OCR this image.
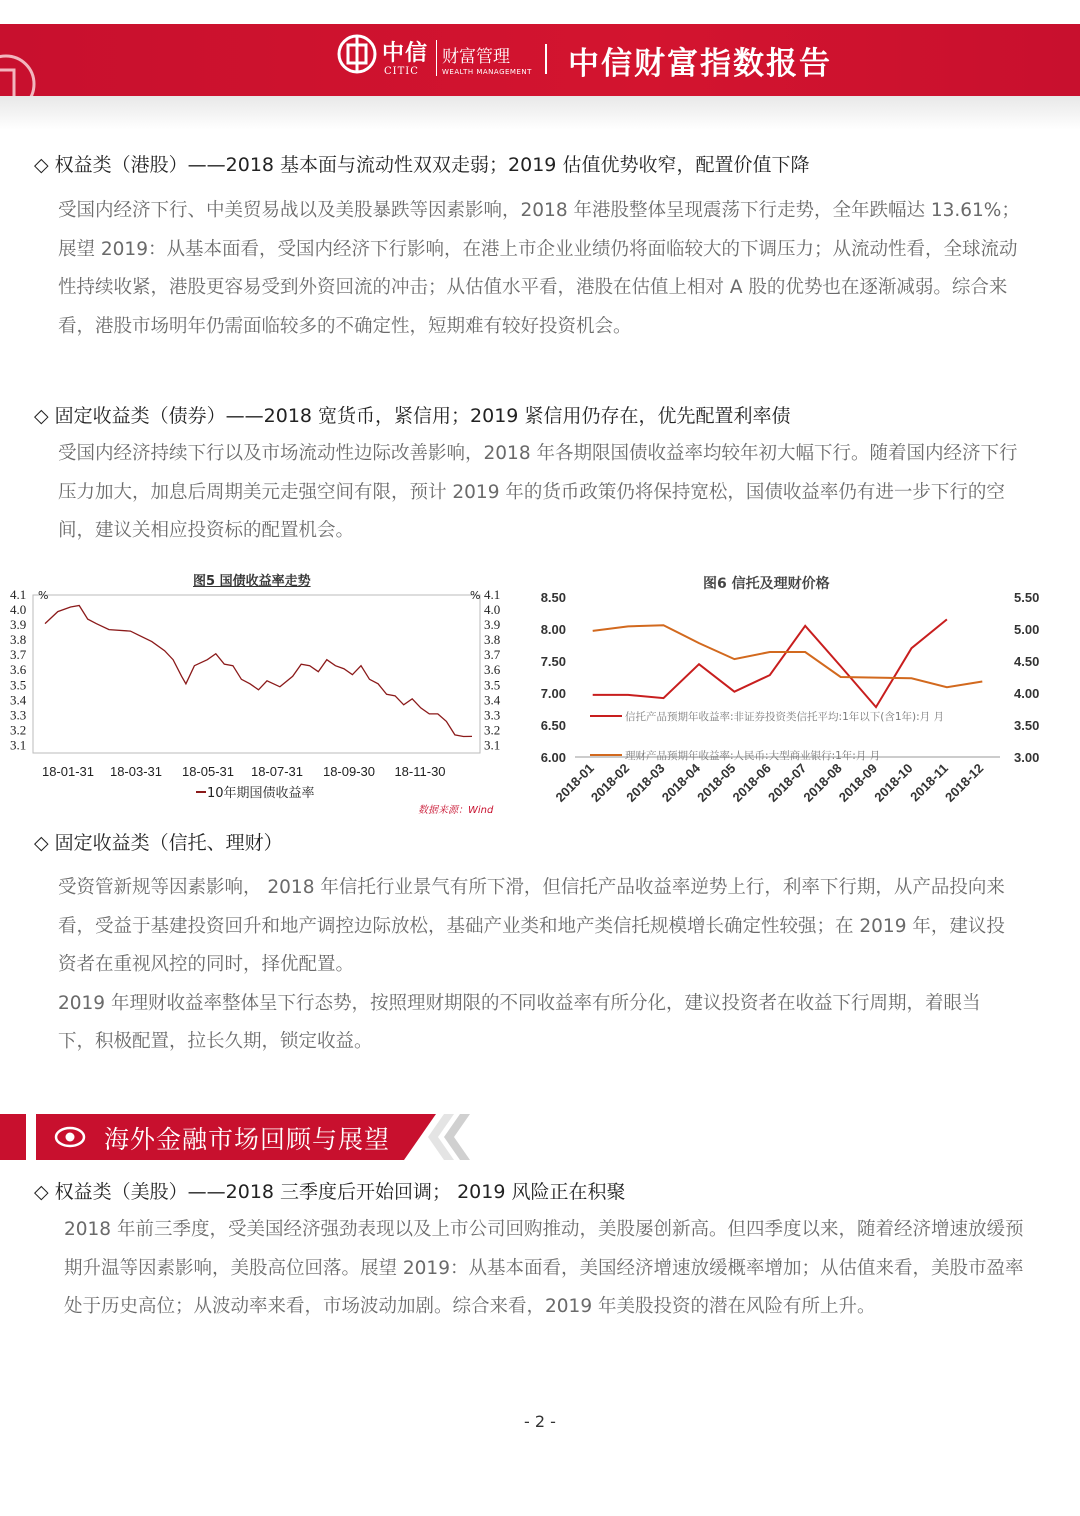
中信
CITIC
财富管理
WEALTH MANAGEMENT 中信财富指数报告
◇ 权益类（港股）——2018 基本面与流动性双双走弱；2019 估值优势收窄，配置价值下降

受国内经济下行、中美贸易战以及美股暴跌等因素影响，2018 年港股整体呈现震荡下行走势，全年跌幅达 13.61%；展望 2019：从基本面看，受国内经济下行影响，在港上市企业业绩仍将面临较大的下调压力；从流动性看，全球流动性持续收紧，港股更容易受到外资回流的冲击；从估值水平看，港股在估值上相对 A 股的优势也在逐渐减弱。综合来看，港股市场明年仍需面临较多的不确定性，短期难有较好投资机会。

◇ 固定收益类（债券）——2018 宽货币，紧信用；2019 紧信用仍存在，优先配置利率债

受国内经济持续下行以及市场流动性边际改善影响，2018 年各期限国债收益率均较年初大幅下行。随着国内经济下行压力加大，加息后周期美元走强空间有限，预计 2019 年的货币政策仍将保持宽松，国债收益率仍有进一步下行的空间，建议关相应投资标的配置机会。

图5 国债收益率走势
4.1	4.1
4.0	4.0
3.9	3.9
3.8	3.8
3.7	3.7
3.6	3.6
3.5	3.5
3.4	3.4
3.3	3.3
3.2	3.2
3.1	3.1
%	%
18-01-31 18-03-31 18-05-31 18-07-31 18-09-30 18-11-30
10年期国债收益率
数据来源：Wind
图6 信托及理财价格
8.50
8.00
7.50
7.00
6.50
6.00
5.50
5.00
4.50
4.00
3.50
3.00
2018-01
2018-02
2018-03
2018-04
2018-05
2018-06
2018-07
2018-08
2018-09
2018-10
2018-11
2018-12
信托产品预期年收益率:非证券投资类信托平均:1年以下(含1年):月 月
理财产品预期年收益率:人民币:大型商业银行:1年:月 月
◇ 固定收益类（信托、理财）

受资管新规等因素影响， 2018 年信托行业景气有所下滑，但信托产品收益率逆势上行，利率下行期，从产品投向来看，受益于基建投资回升和地产调控边际放松，基础产业类和地产类信托规模增长确定性较强；在 2019 年，建议投资者在重视风控的同时，择优配置。

2019 年理财收益率整体呈下行态势，按照理财期限的不同收益率有所分化，建议投资者在收益下行周期，着眼当下，积极配置，拉长久期，锁定收益。

海外金融市场回顾与展望
◇ 权益类（美股）——2018 三季度后开始回调； 2019 风险正在积聚

2018 年前三季度，受美国经济强劲表现以及上市公司回购推动，美股屡创新高。但四季度以来，随着经济增速放缓预期升温等因素影响，美股高位回落。展望 2019：从基本面看，美国经济增速放缓概率增加；从估值来看，美股市盈率处于历史高位；从波动率来看，市场波动加剧。综合来看，2019 年美股投资的潜在风险有所上升。

- 2 -
